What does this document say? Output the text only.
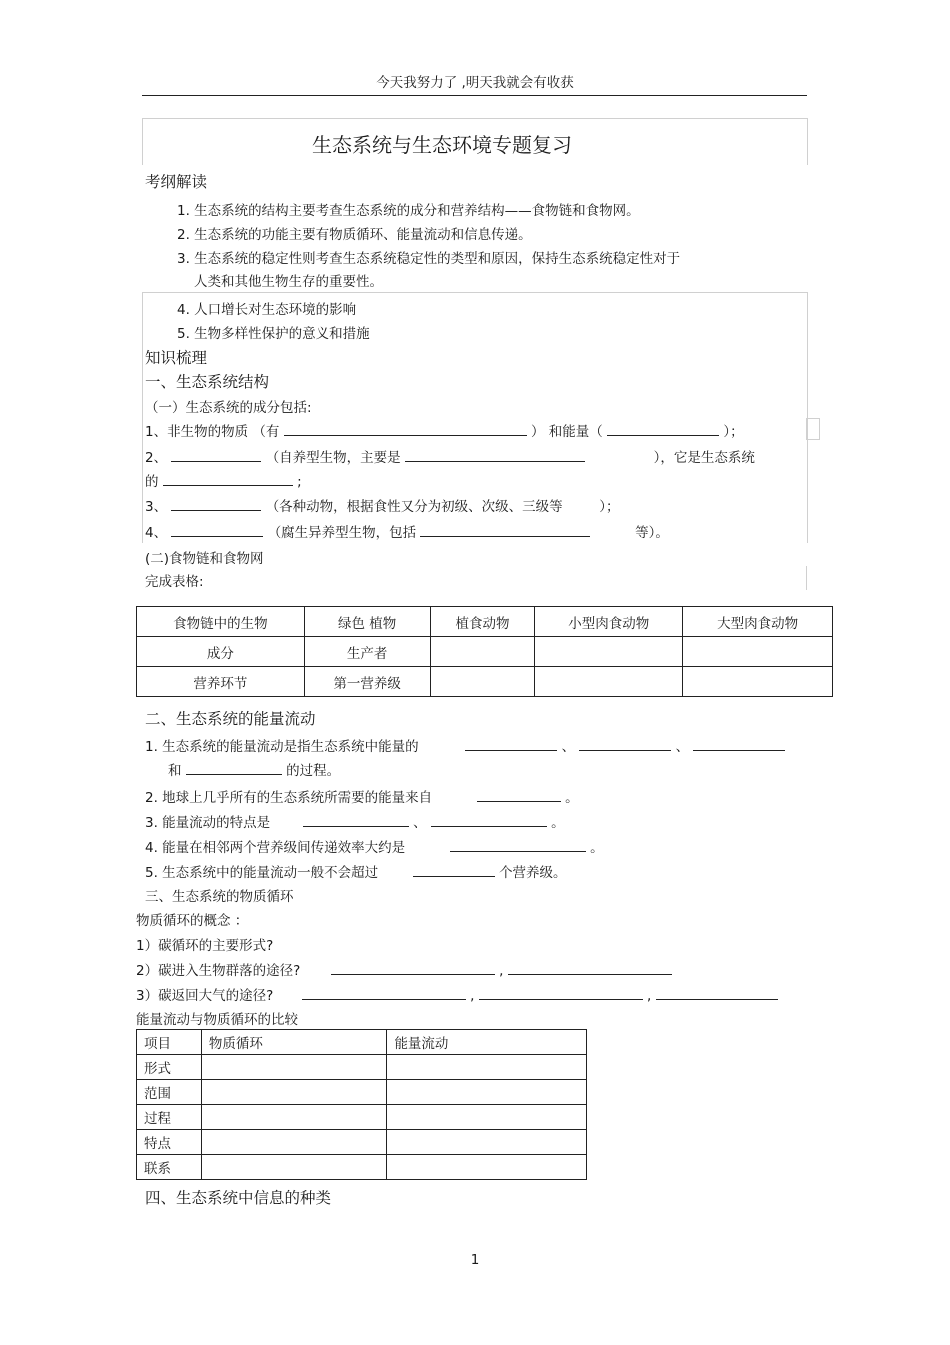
今天我努力了 ,明天我就会有收获
生态系统与生态环境专题复习
考纲解读
1. 生态系统的结构主要考查生态系统的成分和营养结构——食物链和食物网。
2. 生态系统的功能主要有物质循环、能量流动和信息传递。
3. 生态系统的稳定性则考查生态系统稳定性的类型和原因，保持生态系统稳定性对于
人类和其他生物生存的重要性。
4. 人口增长对生态环境的影响
5. 生物多样性保护的意义和措施
知识梳理
一、生态系统结构
（一）生态系统的成分包括:
1、非生物的物质 （有	） 和能量（	）；
2、	（自养型生物，主要是	），它是生态系统
的	;
3、	（各种动物，根据食性又分为初级、次级、三级等	）；
4、	（腐生异养型生物，包括	等）。
(二)食物链和食物网
完成表格:
食物链中的生物	绿色 植物	植食动物	小型肉食动物	大型肉食动物
成分	生产者			
营养环节	第一营养级			
二、生态系统的能量流动
1. 生态系统的能量流动是指生态系统中能量的	、	、
和	的过程。
2. 地球上几乎所有的生态系统所需要的能量来自	。
3. 能量流动的特点是	、	。
4. 能量在相邻两个营养级间传递效率大约是	。
5. 生态系统中的能量流动一般不会超过	个营养级。
三、生态系统的物质循环
物质循环的概念 ：
1）碳循环的主要形式?
2）碳进入生物群落的途径?	,
3）碳返回大气的途径?	,	,
能量流动与物质循环的比较
项目	物质循环	能量流动
形式		
范围		
过程		
特点		
联系		
四、生态系统中信息的种类
1
